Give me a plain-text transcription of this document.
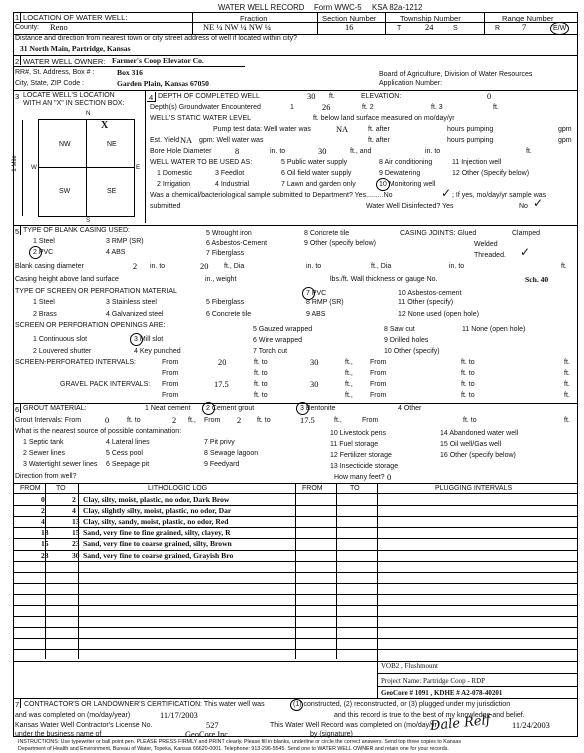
WATER WELL RECORD Form WWC-5 KSA 82a-1212
1 LOCATION OF WATER WELL:
County: Reno
Fraction
NE ¼ NW ¼ NW ¼
Section Number
16
Township Number
T	24	S
Range Number
R	7	E/W
Distance and direction from nearest town or city street address of well if located within city?
31 North Main, Partridge, Kansas
2 WATER WELL OWNER: Farmer's Coop Elevator Co.
RR#, St. Address, Box # :	Box 316
City, State, ZIP Code :	Garden Plain, Kansas 67050
Board of Agriculture, Division of Water Resources
Application Number:
3 LOCATE WELL'S LOCATION
WITH AN "X" IN SECTION BOX:
N
S
W	E
1 Mile
NW	NE
SW	SE
X
4 DEPTH OF COMPLETED WELL	30 ft.	ELEVATION:	0
Depth(s) Groundwater Encountered	1	26	ft. 2	ft. 3	ft.
WELL'S STATIC WATER LEVEL	ft. below land surface measured on mo/day/yr
Pump test data: Well water was	NA	ft. after	hours pumping	gpm
Est. Yield NA gpm: Well water was	ft. after	hours pumping	gpm
Bore Hole Diameter	8	in. to	30	ft., and	in. to	ft.
WELL WATER TO BE USED AS:	5 Public water supply	8 Air conditioning	11 Injection well
1 Domestic	3 Feedlot	6 Oil field water supply	9 Dewatering	12 Other (Specify below)
2 Irrigation	4 Industrial	7 Lawn and garden only	10 Monitoring well
Was a chemical/bacteriological sample submitted to Department? Yes.........No	✓ ; If yes, mo/day/yr sample was
submitted	Water Well Disinfected? Yes	No ✓
5 TYPE OF BLANK CASING USED:
1 Steel	3 RMP (SR)
5 Wrought iron	8 Concrete tile
2 PVC	4 ABS
6 Asbestos-Cement	9 Other (specify below)
7 Fiberglass
CASING JOINTS: Glued	Clamped
Welded
Threaded. ✓
Blank casing diameter	2 in. to	20 ft., Dia	in. to	ft., Dia	in. to	ft.
Casing height above land surface	in., weight	lbs./ft. Wall thickness or gauge No.	Sch. 40
TYPE OF SCREEN OR PERFORATION MATERIAL
1 Steel	3 Stainless steel	5 Fiberglass
7 PVC	10 Asbestos-cement
2 Brass	4 Galvanized steel	6 Concrete tile
8 RMP (SR)	11 Other (specify)
9 ABS	12 None used (open hole)
SCREEN OR PERFORATION OPENINGS ARE:
1 Continuous slot	3 Mill slot
5 Gauzed wrapped	8 Saw cut	11 None (open hole)
2 Louvered shutter	4 Key punched
6 Wire wrapped	9 Drilled holes
7 Torch cut	10 Other (specify)
SCREEN-PERFORATED INTERVALS:	From	20	ft. to	30	ft., From	ft. to	ft.
From	ft. to	ft., From	ft. to	ft.
GRAVEL PACK INTERVALS: From	17.5	ft. to	30	ft., From	ft. to	ft.
From	ft. to	ft., From	ft. to	ft.
6 GROUT MATERIAL:	1 Neat cement 2 Cement grout	3 Bentonite	4 Other
Grout Intervals: From	0	ft. to	2 ft., From 2 ft. to	17.5	ft.,	From	ft. to	ft.
What is the nearest source of possible contamination:
1 Septic tank	4 Lateral lines	7 Pit privy
10 Livestock pens	14 Abandoned water well
2 Sewer lines	5 Cess pool	8 Sewage lagoon
11 Fuel storage	15 Oil well/Gas well
3 Watertight sewer lines 6 Seepage pit	9 Feedyard
12 Fertilizer storage	16 Other (specify below)
13 Insecticide storage
Direction from well?	How many feet? 0
FROM TO	LITHOLOGIC LOG	FROM	TO	PLUGGING INTERVALS
0	2 Clay, silty, moist, plastic, no odor, Dark Brow
2	4 Clay, slightly silty, moist, plastic, no odor, Dar
4	13 Clay, silty, sandy, moist, plastic, no odor, Red
13	15 Sand, very fine to fine grained, silty, clayey, R
15	23 Sand, very fine to coarse grained, silty, Brown
23	30 Sand, very fine to coarse grained, Grayish Bro
VOB2 , Flushmount
Project Name: Partridge Coop - RDP
GeoCore # 1091 , KDHE # A2-078-40201
7 CONTRACTOR'S OR LANDOWNER'S CERTIFICATION: This water well was	(1) constructed, (2) reconstructed, or (3) plugged under my jurisdiction
and was completed on (mo/day/year)	11/17/2003	and this record is true to the best of my knowledge and belief.
Kansas Water Well Contractor's License No.	527	This Water Well Record was completed on (mo/day/yr)	11/24/2003
under the business name of	GeoCore Inc.	by (signature)
Dale Relf
INSTRUCTIONS: Use typewriter or ball point pen. PLEASE PRESS FIRMLY and PRINT clearly. Please fill in blanks, underline or circle the correct answers. Send top three copies to Kansas
Department of Health and Environment, Bureau of Water, Topeka, Kansas 66620-0001. Telephone: 913-296-5545. Send one to WATER WELL OWNER and retain one for your records.
